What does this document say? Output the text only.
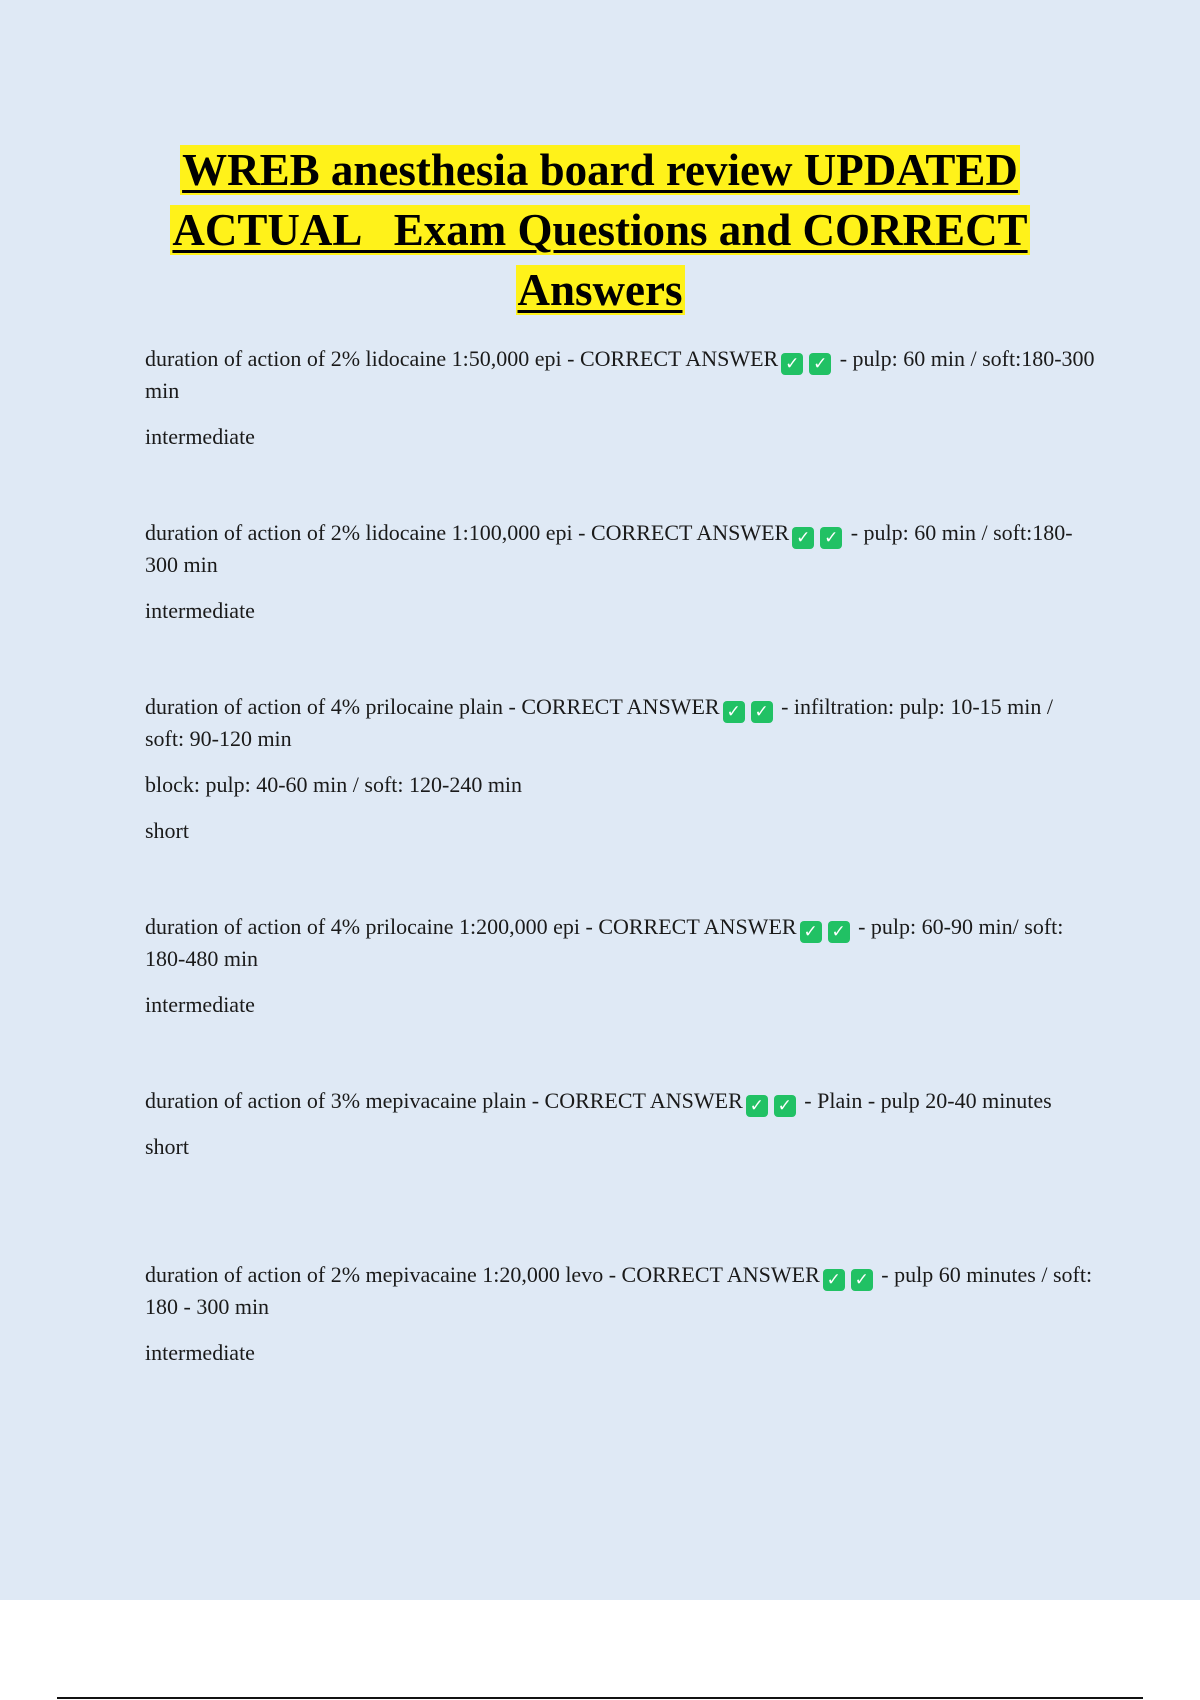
WREB anesthesia board review UPDATED
ACTUAL   Exam Questions and CORRECT
Answers

duration of action of 2% lidocaine 1:50,000 epi - CORRECT ANSWER ✓ ✓ - pulp: 60 min / soft:180-300 min

intermediate

duration of action of 2% lidocaine 1:100,000 epi - CORRECT ANSWER ✓ ✓ - pulp: 60 min / soft:180-300 min

intermediate

duration of action of 4% prilocaine plain - CORRECT ANSWER ✓ ✓ - infiltration: pulp: 10-15 min / soft: 90-120 min

block: pulp: 40-60 min / soft: 120-240 min

short

duration of action of 4% prilocaine 1:200,000 epi - CORRECT ANSWER ✓ ✓ - pulp: 60-90 min/ soft: 180-480 min

intermediate

duration of action of 3% mepivacaine plain - CORRECT ANSWER ✓ ✓ - Plain - pulp 20-40 minutes

short

duration of action of 2% mepivacaine 1:20,000 levo - CORRECT ANSWER ✓ ✓ - pulp 60 minutes / soft: 180 - 300 min

intermediate
